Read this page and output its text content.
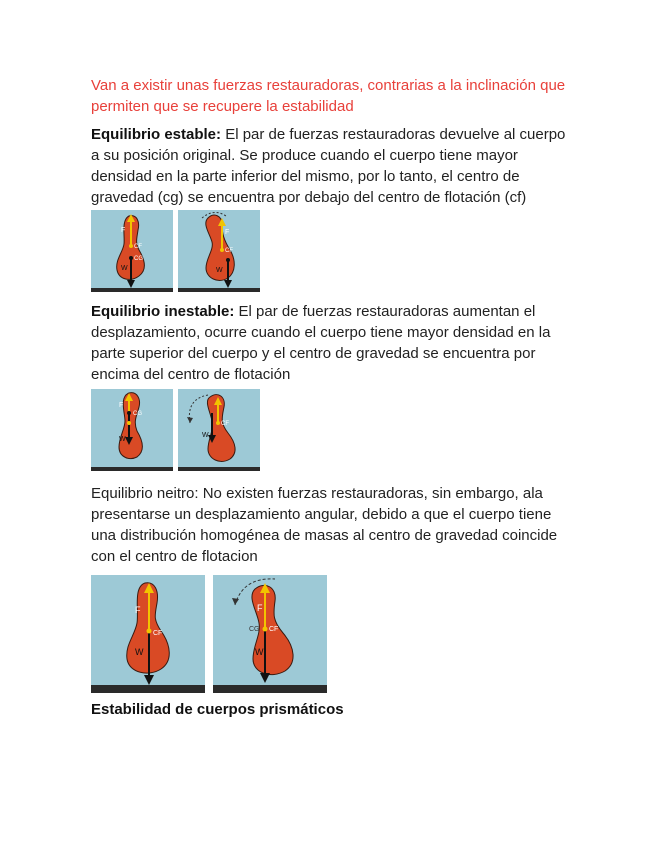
Van a existir unas fuerzas restauradoras, contrarias a la inclinación que permiten que se recupere la estabilidad

Equilibrio estable: El par de fuerzas restauradoras devuelve al cuerpo a su posición original. Se produce cuando el cuerpo tiene mayor densidad en la parte inferior del mismo, por lo tanto, el centro de gravedad (cg) se encuentra por debajo del centro de flotación (cf)

CF
CG
F
W
CF
F
W

Equilibrio inestable: El par de fuerzas restauradoras aumentan el desplazamiento, ocurre cuando el cuerpo tiene mayor densidad en la parte superior del cuerpo y el centro de gravedad se encuentra por encima del centro de flotación

CG
F
W
CF
W

Equilibrio neitro: No existen fuerzas restauradoras, sin embargo, ala presentarse un desplazamiento angular, debido a que el cuerpo tiene una distribución homogénea de masas al centro de gravedad coincide con el centro de flotacion

CF
F
W
CG CF
F
W

Estabilidad de cuerpos prismáticos
